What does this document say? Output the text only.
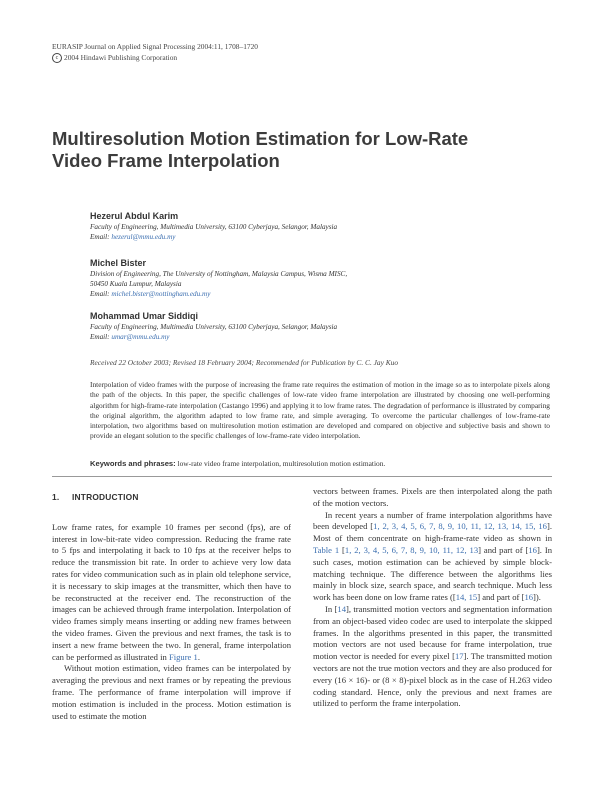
EURASIP Journal on Applied Signal Processing 2004:11, 1708–1720
c 2004 Hindawi Publishing Corporation
Multiresolution Motion Estimation for Low-Rate
Video Frame Interpolation
Hezerul Abdul Karim
Faculty of Engineering, Multimedia University, 63100 Cyberjaya, Selangor, Malaysia
Email: hezerul@mmu.edu.my
Michel Bister
Division of Engineering, The University of Nottingham, Malaysia Campus, Wisma MISC,
50450 Kuala Lumpur, Malaysia
Email: michel.bister@nottingham.edu.my
Mohammad Umar Siddiqi
Faculty of Engineering, Multimedia University, 63100 Cyberjaya, Selangor, Malaysia
Email: umar@mmu.edu.my
Received 22 October 2003; Revised 18 February 2004; Recommended for Publication by C. C. Jay Kuo

Interpolation of video frames with the purpose of increasing the frame rate requires the estimation of motion in the image so as to interpolate pixels along the path of the objects. In this paper, the specific challenges of low-rate video frame interpolation are illustrated by choosing one well-performing algorithm for high-frame-rate interpolation (Castango 1996) and applying it to low frame rates. The degradation of performance is illustrated by comparing the original algorithm, the algorithm adapted to low frame rate, and simple averaging. To overcome the particular challenges of low-frame-rate interpolation, two algorithms based on multiresolution motion estimation are developed and compared on objective and subjective basis and shown to provide an elegant solution to the specific challenges of low-frame-rate video interpolation.

Keywords and phrases: low-rate video frame interpolation, multiresolution motion estimation.
1. INTRODUCTION

Low frame rates, for example 10 frames per second (fps), are of interest in low-bit-rate video compression. Reducing the frame rate to 5 fps and interpolating it back to 10 fps at the receiver helps to reduce the transmission bit rate. In order to achieve very low data rates for video communication such as in plain old telephone service, it is necessary to skip images at the transmitter, which then have to be reconstructed at the receiver end. The reconstruction of the images can be achieved through frame interpolation. Interpolation of video frames simply means inserting or adding new frames between the video frames. Given the previous and next frames, the task is to insert a new frame between the two. In general, frame interpolation can be performed as illustrated in Figure 1.

Without motion estimation, video frames can be interpolated by averaging the previous and next frames or by repeating the previous frame. The performance of frame interpolation will improve if motion estimation is included in the process. Motion estimation is used to estimate the motion

vectors between frames. Pixels are then interpolated along the path of the motion vectors.

In recent years a number of frame interpolation algorithms have been developed [1, 2, 3, 4, 5, 6, 7, 8, 9, 10, 11, 12, 13, 14, 15, 16]. Most of them concentrate on high-frame-rate video as shown in Table 1 [1, 2, 3, 4, 5, 6, 7, 8, 9, 10, 11, 12, 13] and part of [16]. In such cases, motion estimation can be achieved by simple block-matching technique. The difference between the algorithms lies mainly in block size, search space, and search technique. Much less work has been done on low frame rates ([14, 15] and part of [16]).

In [14], transmitted motion vectors and segmentation information from an object-based video codec are used to interpolate the skipped frames. In the algorithms presented in this paper, the transmitted motion vectors are not used because for frame interpolation, true motion vector is needed for every pixel [17]. The transmitted motion vectors are not the true motion vectors and they are also produced for every (16 × 16)- or (8 × 8)-pixel block as in the case of H.263 video coding standard. Hence, only the previous and next frames are utilized to perform the frame interpolation.
